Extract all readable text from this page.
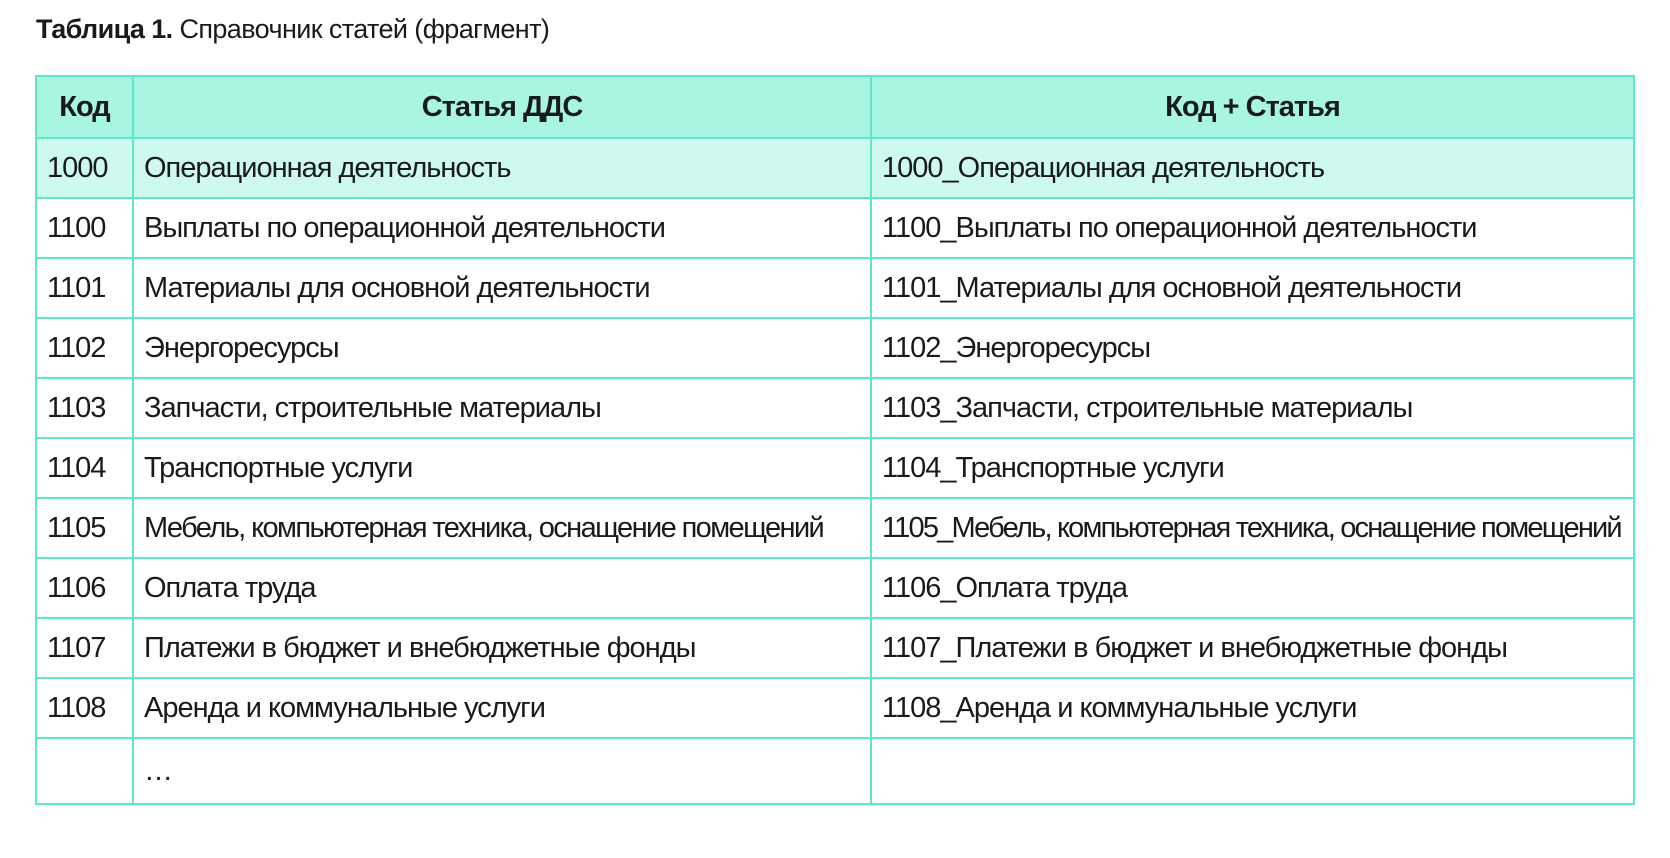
Таблица 1. Справочник статей (фрагмент)
Код	Статья ДДС	Код + Статья
1000	Операционная деятельность	1000_Операционная деятельность
1100	Выплаты по операционной деятельности	1100_Выплаты по операционной деятельности
1101	Материалы для основной деятельности	1101_Материалы для основной деятельности
1102	Энергоресурсы	1102_Энергоресурсы
1103	Запчасти, строительные материалы	1103_Запчасти, строительные материалы
1104	Транспортные услуги	1104_Транспортные услуги
1105	Мебель, компьютерная техника, оснащение помещений	1105_Мебель, компьютерная техника, оснащение помещений
1106	Оплата труда	1106_Оплата труда
1107	Платежи в бюджет и внебюджетные фонды	1107_Платежи в бюджет и внебюджетные фонды
1108	Аренда и коммунальные услуги	1108_Аренда и коммунальные услуги
	…	
